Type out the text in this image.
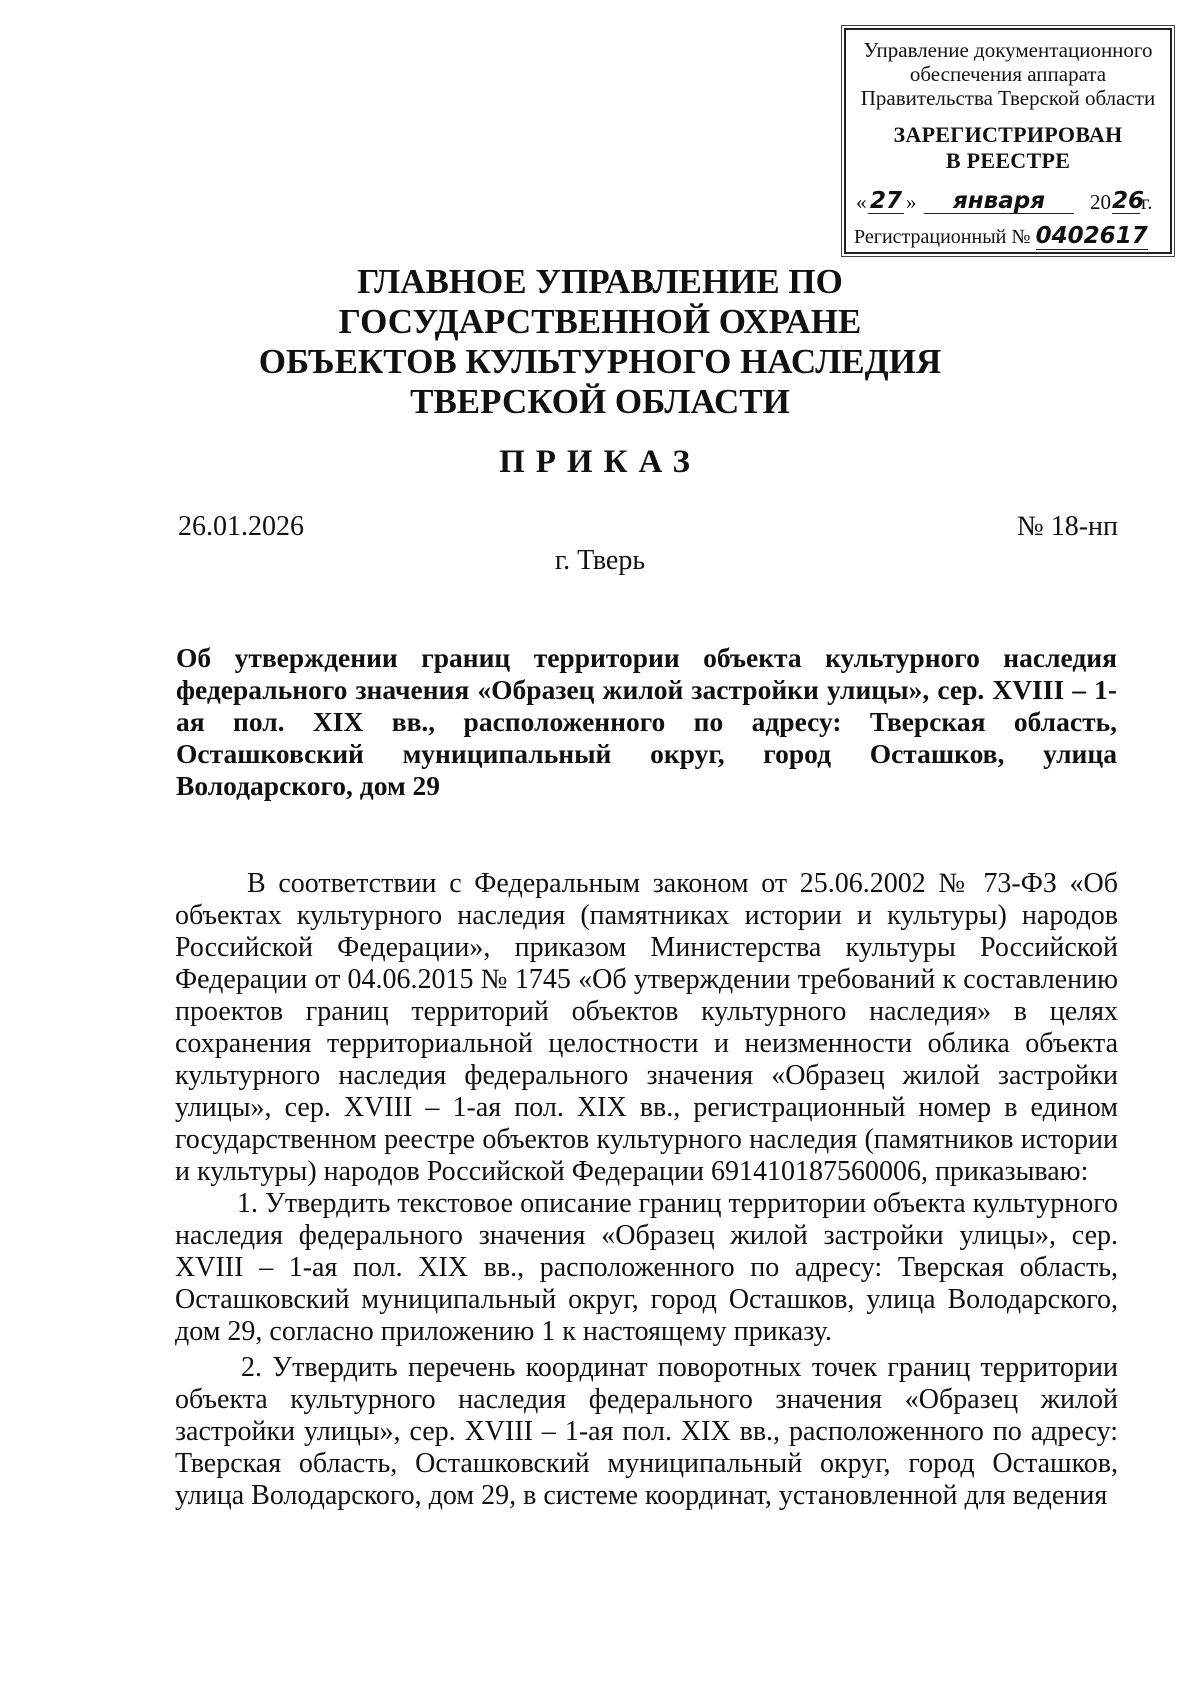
Управление документационного
обеспечения аппарата
Правительства Тверской области
ЗАРЕГИСТРИРОВАН
В РЕЕСТРЕ
« 27 »	января	20 26
г.
Регистрационный № 0402617
ГЛАВНОЕ УПРАВЛЕНИЕ ПО
ГОСУДАРСТВЕННОЙ ОХРАНЕ
ОБЪЕКТОВ КУЛЬТУРНОГО НАСЛЕДИЯ
ТВЕРСКОЙ ОБЛАСТИ
ПРИКАЗ
26.01.2026	№ 18-нп
г. Тверь
Об утверждении границ территории объекта культурного наследия федерального значения «Образец жилой застройки улицы», сер. XVIII – 1-ая пол. XIX вв., расположенного по адресу: Тверская область, Осташковский муниципальный округ, город Осташков, улица Володарского, дом 29

В соответствии с Федеральным законом от 25.06.2002 № 73-ФЗ «Об объектах культурного наследия (памятниках истории и культуры) народов Российской Федерации», приказом Министерства культуры Российской Федерации от 04.06.2015 № 1745 «Об утверждении требований к составлению проектов границ территорий объектов культурного наследия» в целях сохранения территориальной целостности и неизменности облика объекта культурного наследия федерального значения «Образец жилой застройки улицы», сер. XVIII – 1-ая пол. XIX вв., регистрационный номер в едином государственном реестре объектов культурного наследия (памятников истории и культуры) народов Российской Федерации 691410187560006, приказываю:

1. Утвердить текстовое описание границ территории объекта культурного наследия федерального значения «Образец жилой застройки улицы», сер. XVIII – 1-ая пол. XIX вв., расположенного по адресу: Тверская область, Осташковский муниципальный округ, город Осташков, улица Володарского, дом 29, согласно приложению 1 к настоящему приказу.

2. Утвердить перечень координат поворотных точек границ территории объекта культурного наследия федерального значения «Образец жилой застройки улицы», сер. XVIII – 1-ая пол. XIX вв., расположенного по адресу: Тверская область, Осташковский муниципальный округ, город Осташков, улица Володарского, дом 29, в системе координат, установленной для ведения
